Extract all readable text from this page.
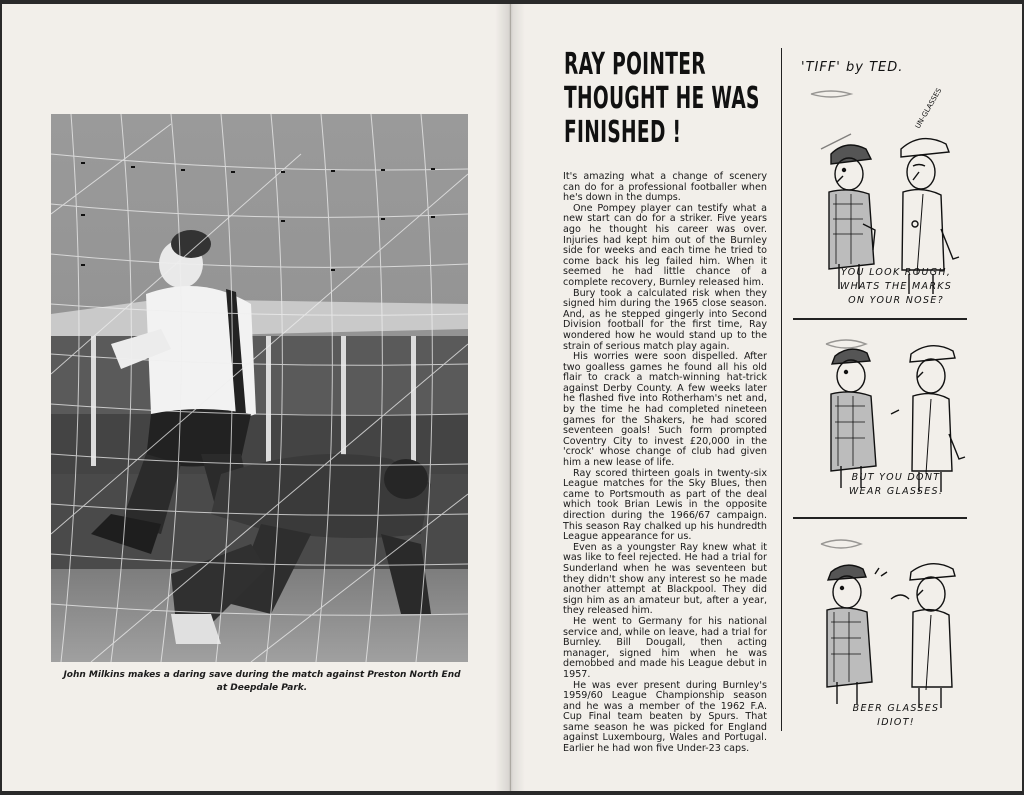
John Milkins makes a daring save during the match against Preston North End at Deepdale Park.
RAY POINTER
THOUGHT HE WAS
FINISHED !

It's amazing what a change of scenery can do for a professional footballer when he's down in the dumps.

One Pompey player can testify what a new start can do for a striker. Five years ago he thought his career was over. Injuries had kept him out of the Burnley side for weeks and each time he tried to come back his leg failed him. When it seemed he had little chance of a complete recovery, Burnley released him.

Bury took a calculated risk when they signed him during the 1965 close season. And, as he stepped gingerly into Second Division football for the first time, Ray wondered how he would stand up to the strain of serious match play again.

His worries were soon dispelled. After two goalless games he found all his old flair to crack a match-winning hat-trick against Derby County. A few weeks later he flashed five into Rotherham's net and, by the time he had completed nineteen games for the Shakers, he had scored seventeen goals! Such form prompted Coventry City to invest £20,000 in the 'crock' whose change of club had given him a new lease of life.

Ray scored thirteen goals in twenty-six League matches for the Sky Blues, then came to Portsmouth as part of the deal which took Brian Lewis in the opposite direction during the 1966/67 campaign. This season Ray chalked up his hundredth League appearance for us.

Even as a youngster Ray knew what it was like to feel rejected. He had a trial for Sunderland when he was seventeen but they didn't show any interest so he made another attempt at Blackpool. They did sign him as an amateur but, after a year, they released him.

He went to Germany for his national service and, while on leave, had a trial for Burnley. Bill Dougall, then acting manager, signed him when he was demobbed and made his League debut in 1957.

He was ever present during Burnley's 1959/60 League Championship season and he was a member of the 1962 F.A. Cup Final team beaten by Spurs. That same season he was picked for England against Luxembourg, Wales and Portugal. Earlier he had won five Under-23 caps.

'TIFF' by TED.
UN-GLASSES
YOU LOOK ROUGH,
WHATS THE MARKS
ON YOUR NOSE?
BUT YOU DONT
WEAR GLASSES.
BEER GLASSES
IDIOT!
